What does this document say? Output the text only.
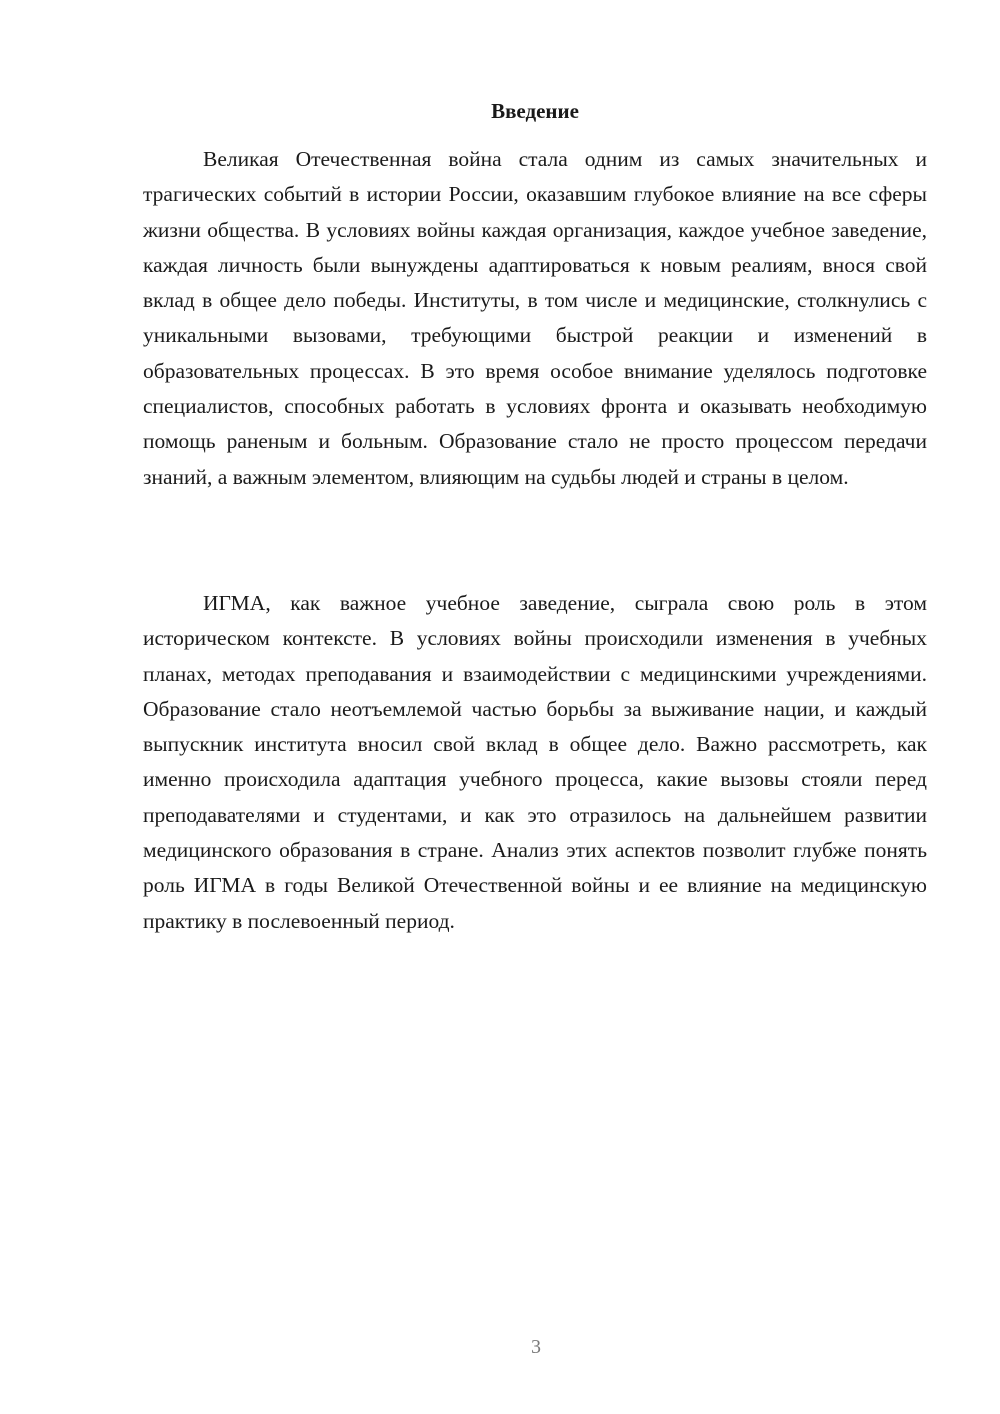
Введение

Великая Отечественная война стала одним из самых значительных и трагических событий в истории России, оказавшим глубокое влияние на все сферы жизни общества. В условиях войны каждая организация, каждое учебное заведение, каждая личность были вынуждены адаптироваться к новым реалиям, внося свой вклад в общее дело победы. Институты, в том числе и медицинские, столкнулись с уникальными вызовами, требующими быстрой реакции и изменений в образовательных процессах. В это время особое внимание уделялось подготовке специалистов, способных работать в условиях фронта и оказывать необходимую помощь раненым и больным. Образование стало не просто процессом передачи знаний, а важным элементом, влияющим на судьбы людей и страны в целом.

ИГМА, как важное учебное заведение, сыграла свою роль в этом историческом контексте. В условиях войны происходили изменения в учебных планах, методах преподавания и взаимодействии с медицинскими учреждениями. Образование стало неотъемлемой частью борьбы за выживание нации, и каждый выпускник института вносил свой вклад в общее дело. Важно рассмотреть, как именно происходила адаптация учебного процесса, какие вызовы стояли перед преподавателями и студентами, и как это отразилось на дальнейшем развитии медицинского образования в стране. Анализ этих аспектов позволит глубже понять роль ИГМА в годы Великой Отечественной войны и ее влияние на медицинскую практику в послевоенный период.

3
